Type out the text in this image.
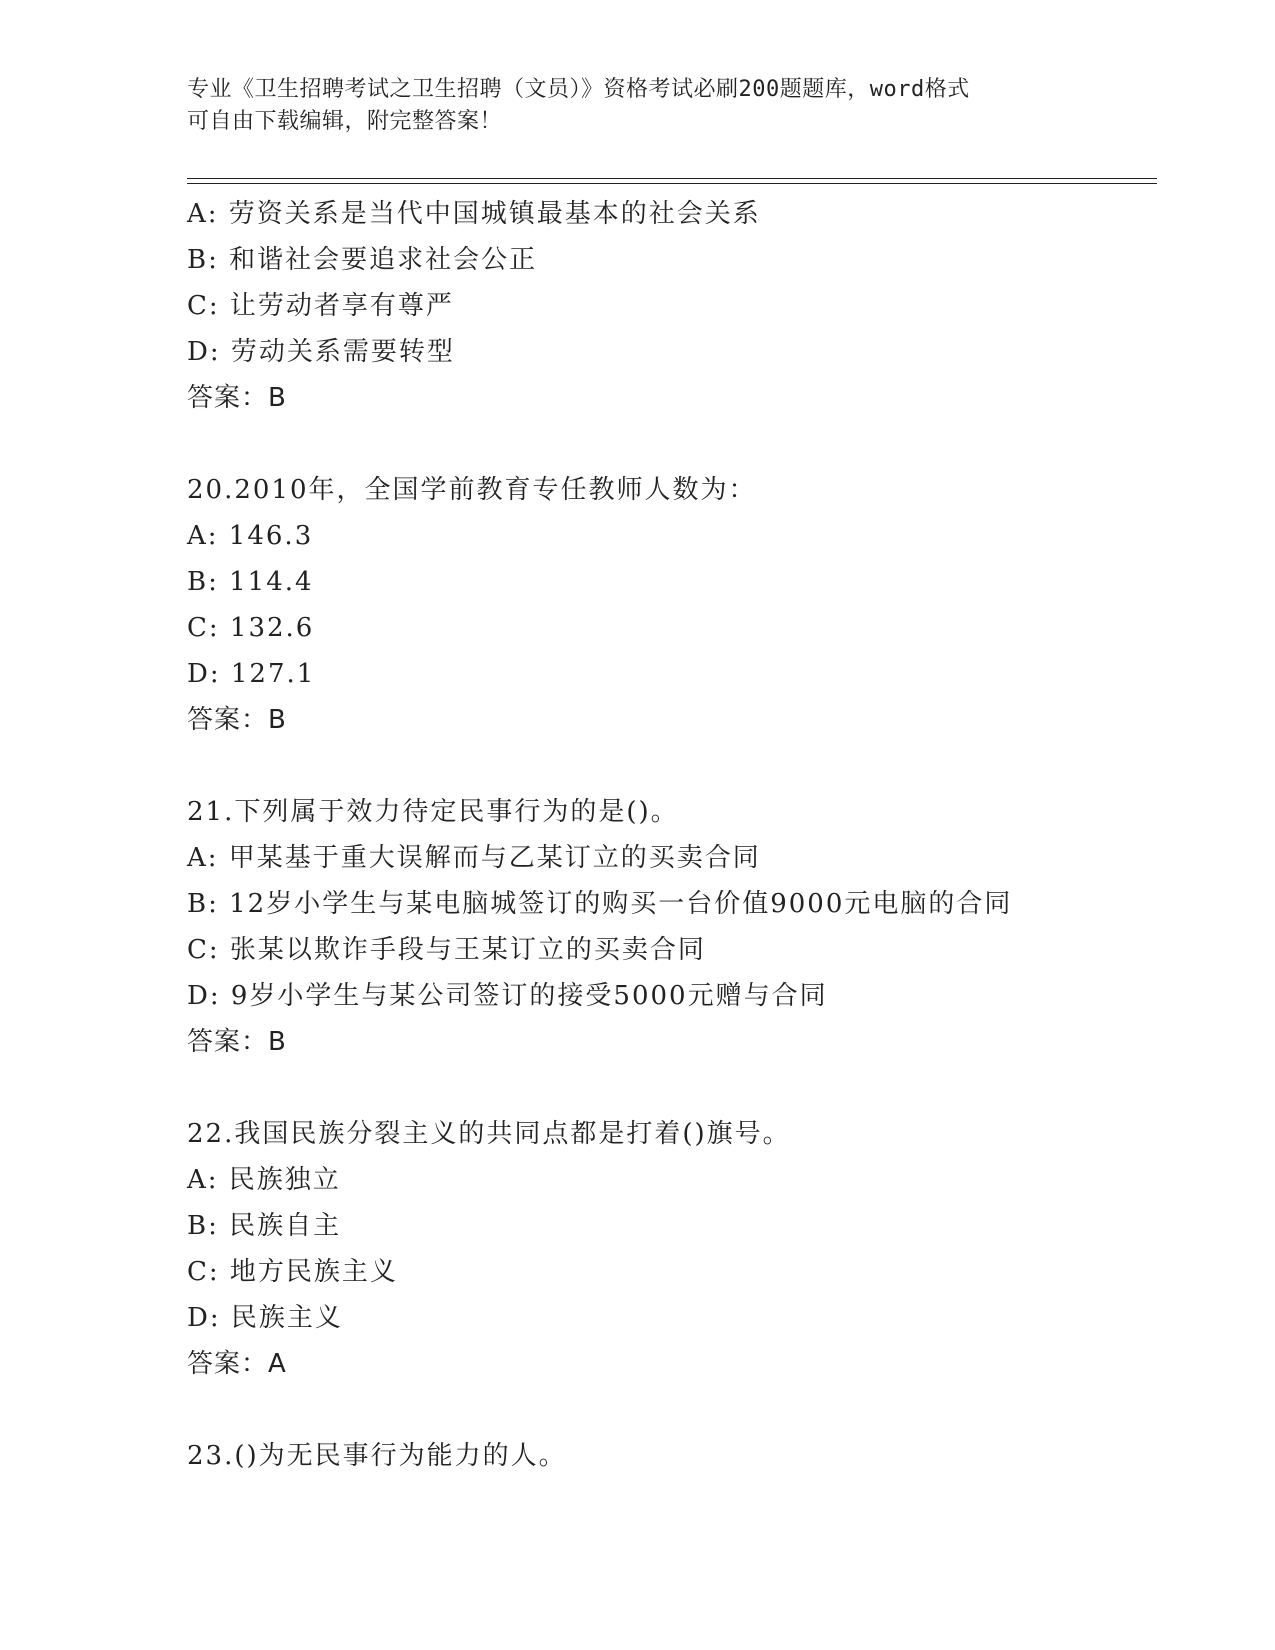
专业《卫生招聘考试之卫生招聘（文员）》资格考试必刷200题题库，word格式
可自由下载编辑，附完整答案！
A: 劳资关系是当代中国城镇最基本的社会关系
B: 和谐社会要追求社会公正
C: 让劳动者享有尊严
D: 劳动关系需要转型
答案：B
20.2010年，全国学前教育专任教师人数为：
A: 146.3
B: 114.4
C: 132.6
D: 127.1
答案：B
21.下列属于效力待定民事行为的是()。
A: 甲某基于重大误解而与乙某订立的买卖合同
B: 12岁小学生与某电脑城签订的购买一台价值9000元电脑的合同
C: 张某以欺诈手段与王某订立的买卖合同
D: 9岁小学生与某公司签订的接受5000元赠与合同
答案：B
22.我国民族分裂主义的共同点都是打着()旗号。
A: 民族独立
B: 民族自主
C: 地方民族主义
D: 民族主义
答案：A
23.()为无民事行为能力的人。
